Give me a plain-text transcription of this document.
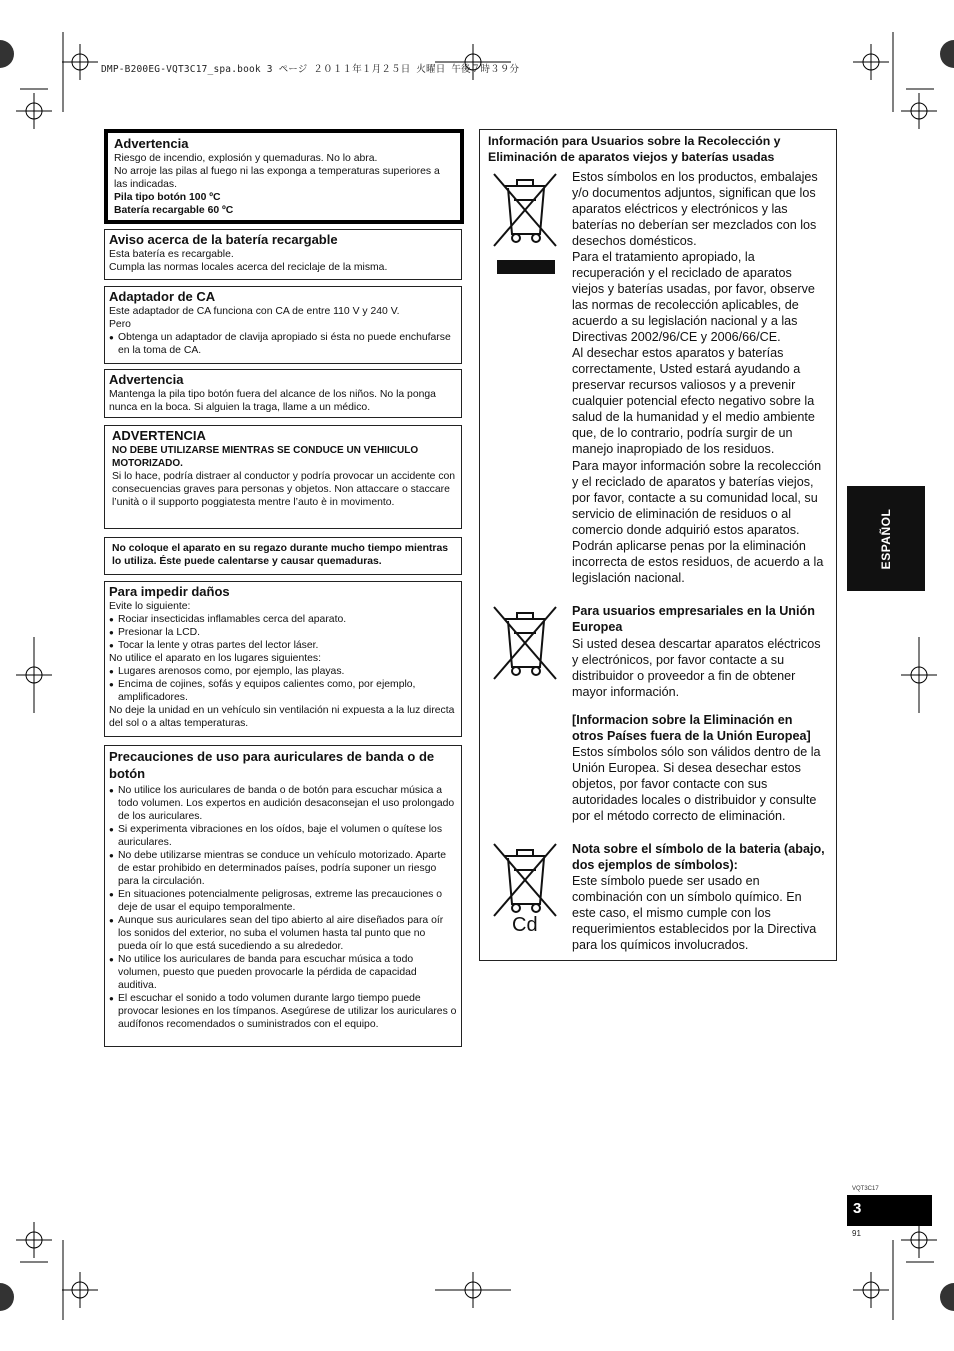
DMP-B200EG-VQT3C17_spa.book 3 ページ ２０１１年１月２５日 火曜日 午後７時３９分
Advertencia
Riesgo de incendio, explosión y quemaduras. No lo abra.
No arroje las pilas al fuego ni las exponga a temperaturas superiores a las indicadas.
Pila tipo botón 100 ºC
Batería recargable 60 ºC
Aviso acerca de la batería recargable
Esta batería es recargable.
Cumpla las normas locales acerca del reciclaje de la misma.
Adaptador de CA
Este adaptador de CA funciona con CA de entre 110 V y 240 V.
Pero
● Obtenga un adaptador de clavija apropiado si ésta no puede enchufarse en la toma de CA.
Advertencia
Mantenga la pila tipo botón fuera del alcance de los niños. No la ponga nunca en la boca. Si alguien la traga, llame a un médico.
ADVERTENCIA
NO DEBE UTILIZARSE MIENTRAS SE CONDUCE UN VEHIICULO MOTORIZADO.
Si lo hace, podría distraer al conductor y podría provocar un accidente con consecuencias graves para personas y objetos. Non attaccare o staccare l’unità o il supporto poggiatesta mentre l’auto è in movimento.
No coloque el aparato en su regazo durante mucho tiempo mientras lo utiliza. Éste puede calentarse y causar quemaduras.
Para impedir daños
Evite lo siguiente:
● Rociar insecticidas inflamables cerca del aparato.
● Presionar la LCD.
● Tocar la lente y otras partes del lector láser.
No utilice el aparato en los lugares siguientes:
● Lugares arenosos como, por ejemplo, las playas.
● Encima de cojines, sofás y equipos calientes como, por ejemplo, amplificadores.
No deje la unidad en un vehículo sin ventilación ni expuesta a la luz directa del sol o a altas temperaturas.
Precauciones de uso para auriculares de banda o de botón
● No utilice los auriculares de banda o de botón para escuchar música a todo volumen. Los expertos en audición desaconsejan el uso prolongado de los auriculares.
● Si experimenta vibraciones en los oídos, baje el volumen o quítese los auriculares.
● No debe utilizarse mientras se conduce un vehículo motorizado. Aparte de estar prohibido en determinados países, podría suponer un riesgo para la circulación.
● En situaciones potencialmente peligrosas, extreme las precauciones o deje de usar el equipo temporalmente.
● Aunque sus auriculares sean del tipo abierto al aire diseñados para oír los sonidos del exterior, no suba el volumen hasta tal punto que no pueda oír lo que está sucediendo a su alrededor.
● No utilice los auriculares de banda para escuchar música a todo volumen, puesto que pueden provocarle la pérdida de capacidad auditiva.
● El escuchar el sonido a todo volumen durante largo tiempo puede provocar lesiones en los tímpanos. Asegúrese de utilizar los auriculares o audífonos recomendados o suministrados con el equipo.
Información para Usuarios sobre la Recolección y Eliminación de aparatos viejos y baterías usadas
Estos símbolos en los productos, embalajes y/o documentos adjuntos, significan que los aparatos eléctricos y electrónicos y las baterías no deberían ser mezclados con los desechos domésticos.
Para el tratamiento apropiado, la recuperación y el reciclado de aparatos viejos y baterías usadas, por favor, observe las normas de recolección aplicables, de acuerdo a su legislación nacional y a las Directivas 2002/96/CE y 2006/66/CE.
Al desechar estos aparatos y baterías correctamente, Usted estará ayudando a preservar recursos valiosos y a prevenir cualquier potencial efecto negativo sobre la salud de la humanidad y el medio ambiente que, de lo contrario, podría surgir de un manejo inapropiado de los residuos.
Para mayor información sobre la recolección y el reciclado de aparatos y baterías viejos, por favor, contacte a su comunidad local, su servicio de eliminación de residuos o al comercio donde adquirió estos aparatos.
Podrán aplicarse penas por la eliminación incorrecta de estos residuos, de acuerdo a la legislación nacional.
Para usuarios empresariales en la Unión Europea
Si usted desea descartar aparatos eléctricos y electrónicos, por favor contacte a su distribuidor o proveedor a fin de obtener mayor información.
[Informacion sobre la Eliminación en otros Países fuera de la Unión Europea]
Estos símbolos sólo son válidos dentro de la Unión Europea. Si desea desechar estos objetos, por favor contacte con sus autoridades locales o distribuidor y consulte por el método correcto de eliminación.
Cd
Nota sobre el símbolo de la bateria (abajo, dos ejemplos de símbolos):
Este símbolo puede ser usado en combinación con un símbolo químico. En este caso, el mismo cumple con los requerimientos establecidos por la Directiva para los químicos involucrados.
ESPAÑOL
VQT3C17
3
91
